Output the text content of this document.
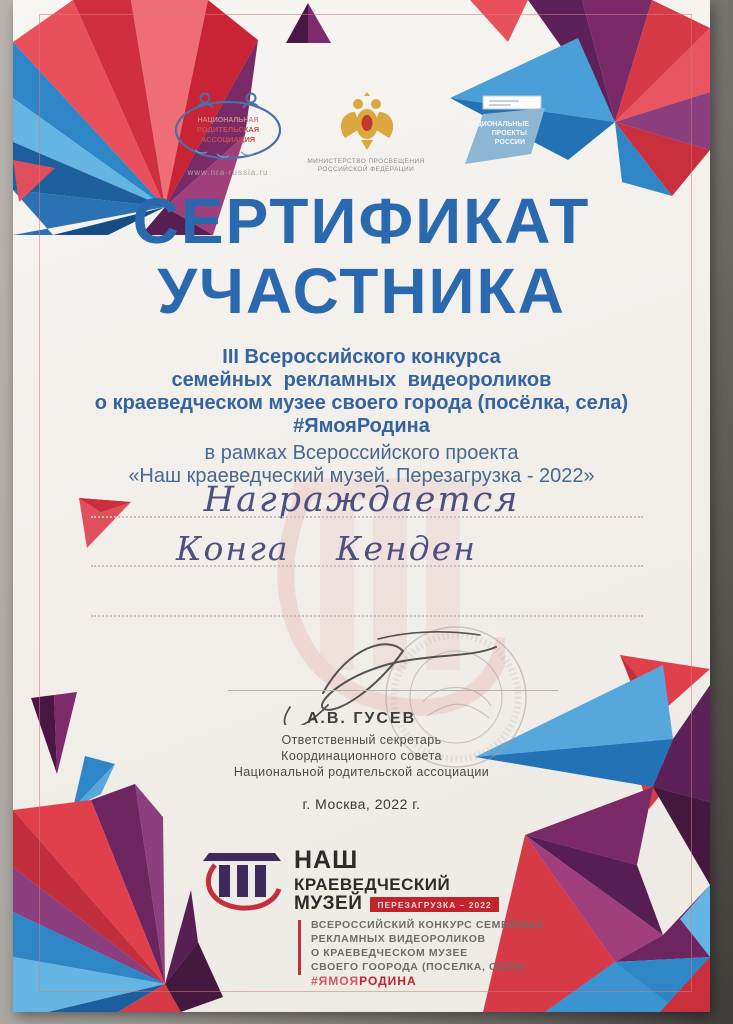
НАЦИОНАЛЬНАЯ
РОДИТЕЛЬСКАЯ
АССОЦИАЦИЯ
www.nra-russia.ru
МИНИСТЕРСТВО ПРОСВЕЩЕНИЯ
РОССИЙСКОЙ ФЕДЕРАЦИИ
НАЦИОНАЛЬНЫЕ
ПРОЕКТЫ
РОССИИ
СЕРТИФИКАТ
УЧАСТНИКА
III Всероссийского конкурса
семейных рекламных видеороликов
о краеведческом музее своего города (посёлка, села)
#ЯмояРодина
в рамках Всероссийского проекта
«Наш краеведческий музей. Перезагрузка - 2022»
Награждается
Конга Кенден
А.В. ГУСЕВ
Ответственный секретарь
Координационного совета
Национальной родительской ассоциации
г. Москва, 2022 г.
НАШ
КРАЕВЕДЧЕСКИЙ
МУЗЕЙ	ПЕРЕЗАГРУЗКА – 2022
ВСЕРОССИЙСКИЙ КОНКУРС СЕМЕЙНЫХ
РЕКЛАМНЫХ ВИДЕОРОЛИКОВ
О КРАЕВЕДЧЕСКОМ МУЗЕЕ
СВОЕГО ГООРОДА (ПОСЕЛКА, СЕЛА)
#ЯМОЯРОДИНА
